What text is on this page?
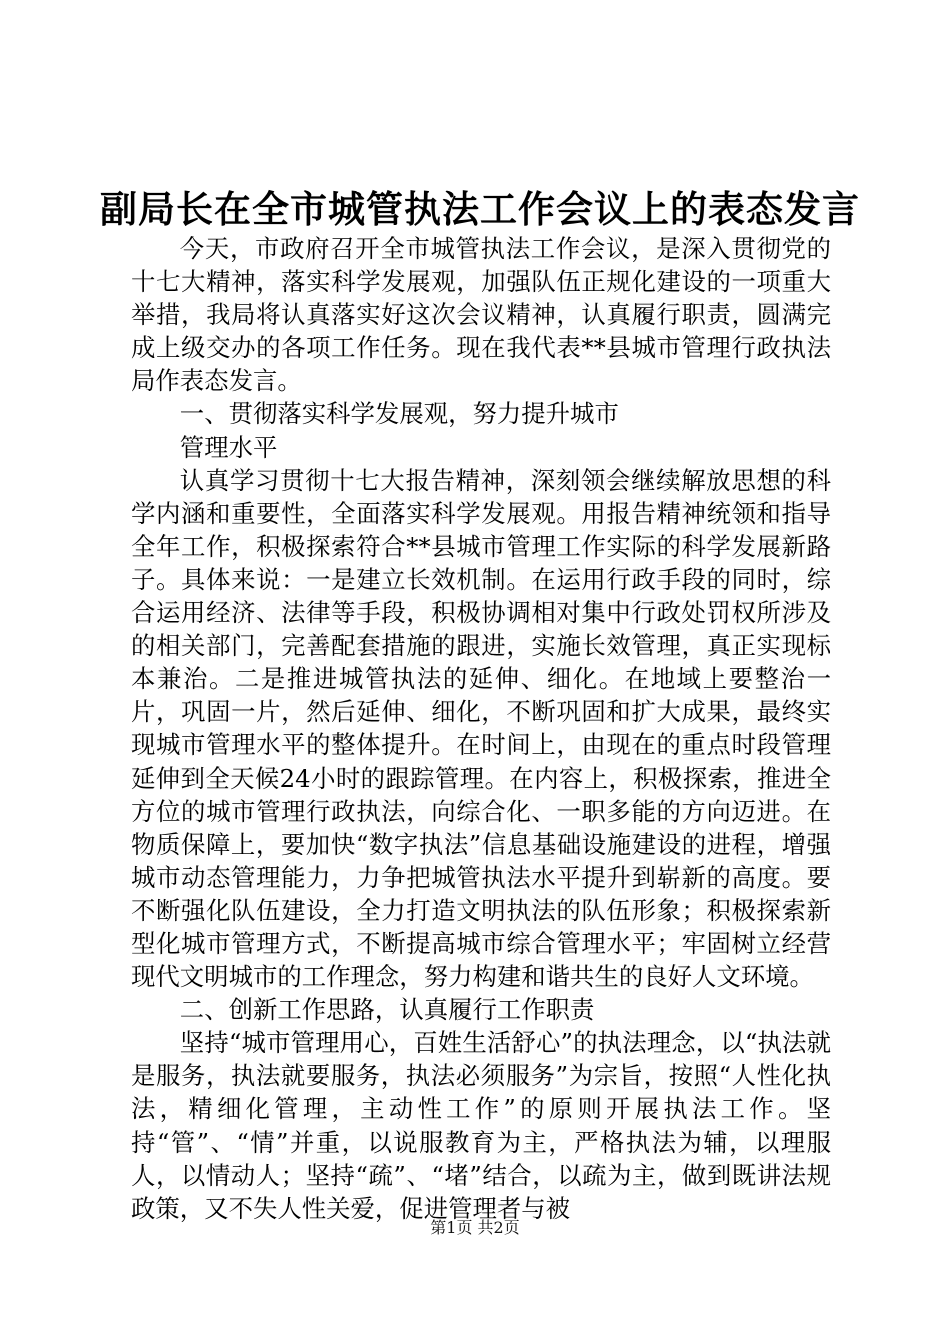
副局长在全市城管执法工作会议上的表态发言

今天，市政府召开全市城管执法工作会议，是深入贯彻党的十七大精神，落实科学发展观，加强队伍正规化建设的一项重大举措，我局将认真落实好这次会议精神，认真履行职责，圆满完成上级交办的各项工作任务。现在我代表**县城市管理行政执法局作表态发言。

一、贯彻落实科学发展观，努力提升城市

管理水平

认真学习贯彻十七大报告精神，深刻领会继续解放思想的科学内涵和重要性，全面落实科学发展观。用报告精神统领和指导全年工作，积极探索符合**县城市管理工作实际的科学发展新路子。具体来说：一是建立长效机制。在运用行政手段的同时，综合运用经济、法律等手段，积极协调相对集中行政处罚权所涉及的相关部门，完善配套措施的跟进，实施长效管理，真正实现标本兼治。二是推进城管执法的延伸、细化。在地域上要整治一片，巩固一片，然后延伸、细化，不断巩固和扩大成果，最终实现城市管理水平的整体提升。在时间上，由现在的重点时段管理延伸到全天候24小时的跟踪管理。在内容上，积极探索，推进全方位的城市管理行政执法，向综合化、一职多能的方向迈进。在物质保障上，要加快“数字执法”信息基础设施建设的进程，增强城市动态管理能力，力争把城管执法水平提升到崭新的高度。要不断强化队伍建设，全力打造文明执法的队伍形象；积极探索新型化城市管理方式，不断提高城市综合管理水平；牢固树立经营现代文明城市的工作理念，努力构建和谐共生的良好人文环境。

二、创新工作思路，认真履行工作职责

坚持“城市管理用心，百姓生活舒心”的执法理念，以“执法就是服务，执法就要服务，执法必须服务”为宗旨，按照“人性化执法，精细化管理，主动性工作”的原则开展执法工作。坚持“管”、“情”并重，以说服教育为主，严格执法为辅，以理服人，以情动人；坚持“疏”、“堵”结合，以疏为主，做到既讲法规政策，又不失人性关爱，促进管理者与被

第1页 共2页
